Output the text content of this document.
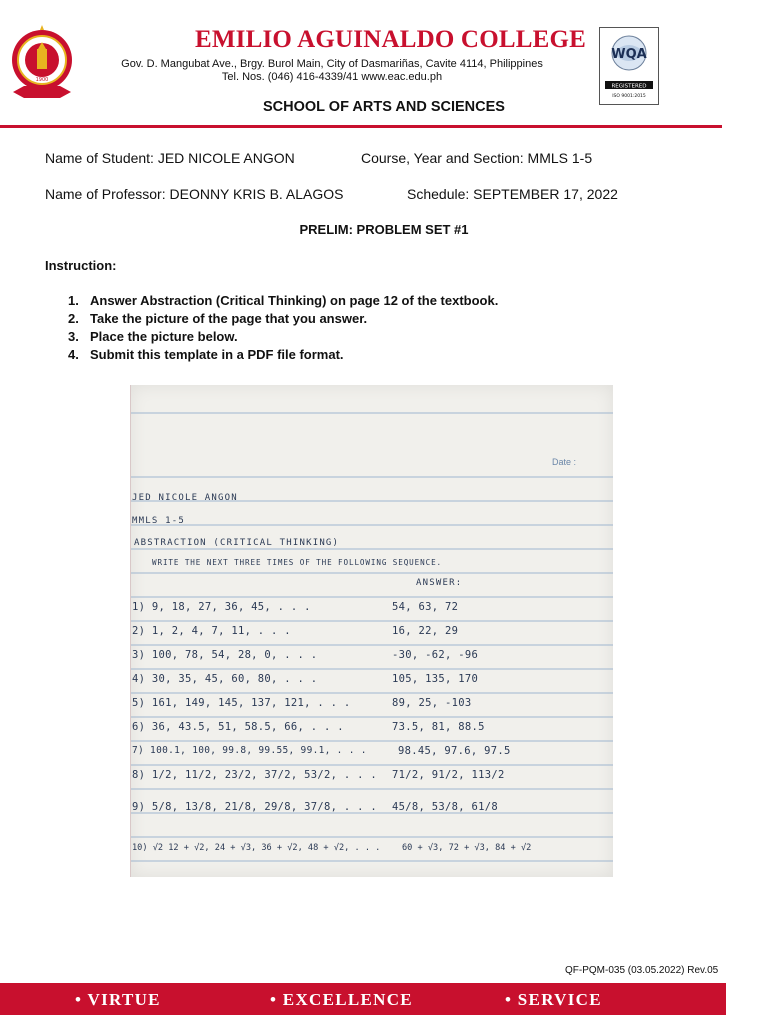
1900
EMILIO AGUINALDO COLLEGE
Gov. D. Mangubat Ave., Brgy. Burol Main, City of Dasmariñas, Cavite 4114, Philippines
Tel. Nos. (046) 416-4339/41 www.eac.edu.ph
SCHOOL OF ARTS AND SCIENCES
WQA
REGISTERED
ISO 9001:2015
Name of Student: JED NICOLE ANGON	Course, Year and Section: MMLS 1-5
Name of Professor: DEONNY KRIS B. ALAGOS	Schedule: SEPTEMBER 17, 2022
PRELIM: PROBLEM SET #1
Instruction:
1. Answer Abstraction (Critical Thinking) on page 12 of the textbook.
2. Take the picture of the page that you answer.
3. Place the picture below.
4. Submit this template in a PDF file format.
Date :
JED NICOLE ANGON
MMLS 1-5
ABSTRACTION (CRITICAL THINKING)
WRITE THE NEXT THREE TIMES OF THE FOLLOWING SEQUENCE.
ANSWER:
1) 9, 18, 27, 36, 45, . . .	54, 63, 72
2) 1, 2, 4, 7, 11, . . .	16, 22, 29
3) 100, 78, 54, 28, 0, . . .	-30, -62, -96
4) 30, 35, 45, 60, 80, . . .	105, 135, 170
5) 161, 149, 145, 137, 121, . . .	89, 25, -103
6) 36, 43.5, 51, 58.5, 66, . . .	73.5, 81, 88.5
7) 100.1, 100, 99.8, 99.55, 99.1, . . .	98.45, 97.6, 97.5
8) 1/2, 11/2, 23/2, 37/2, 53/2, . . . 71/2, 91/2, 113/2
9) 5/8, 13/8, 21/8, 29/8, 37/8, . . . 45/8, 53/8, 61/8
10) √2 12 + √2, 24 + √3, 36 + √2, 48 + √2, . . .	60 + √3, 72 + √3, 84 + √2
QF-PQM-035 (03.05.2022) Rev.05
• VIRTUE	• EXCELLENCE	• SERVICE
